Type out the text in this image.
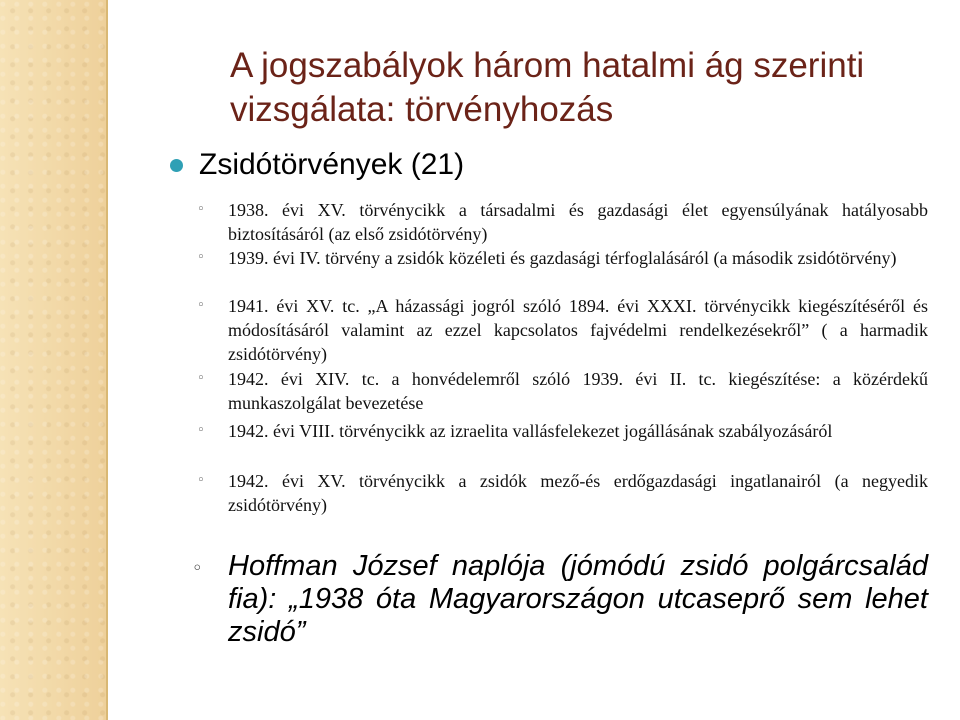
A jogszabályok három hatalmi ág szerinti vizsgálata: törvényhozás
Zsidótörvények (21)
◦ 1938. évi XV. törvénycikk a társadalmi és gazdasági élet egyensúlyának hatályosabb biztosításáról (az első zsidótörvény)
◦ 1939. évi IV. törvény a zsidók közéleti és gazdasági térfoglalásáról (a második zsidótörvény)
◦ 1941. évi XV. tc. „A házassági jogról szóló 1894. évi XXXI. törvénycikk kiegészítéséről és módosításáról valamint az ezzel kapcsolatos fajvédelmi rendelkezésekről” ( a harmadik zsidótörvény)
◦ 1942. évi XIV. tc. a honvédelemről szóló 1939. évi II. tc. kiegészítése: a közérdekű munkaszolgálat bevezetése
◦ 1942. évi VIII. törvénycikk az izraelita vallásfelekezet jogállásának szabályozásáról
◦ 1942. évi XV. törvénycikk a zsidók mező-és erdőgazdasági ingatlanairól (a negyedik zsidótörvény)
◦ Hoffman József naplója (jómódú zsidó polgárcsalád fia): „1938 óta Magyarországon utcaseprő sem lehet zsidó”
